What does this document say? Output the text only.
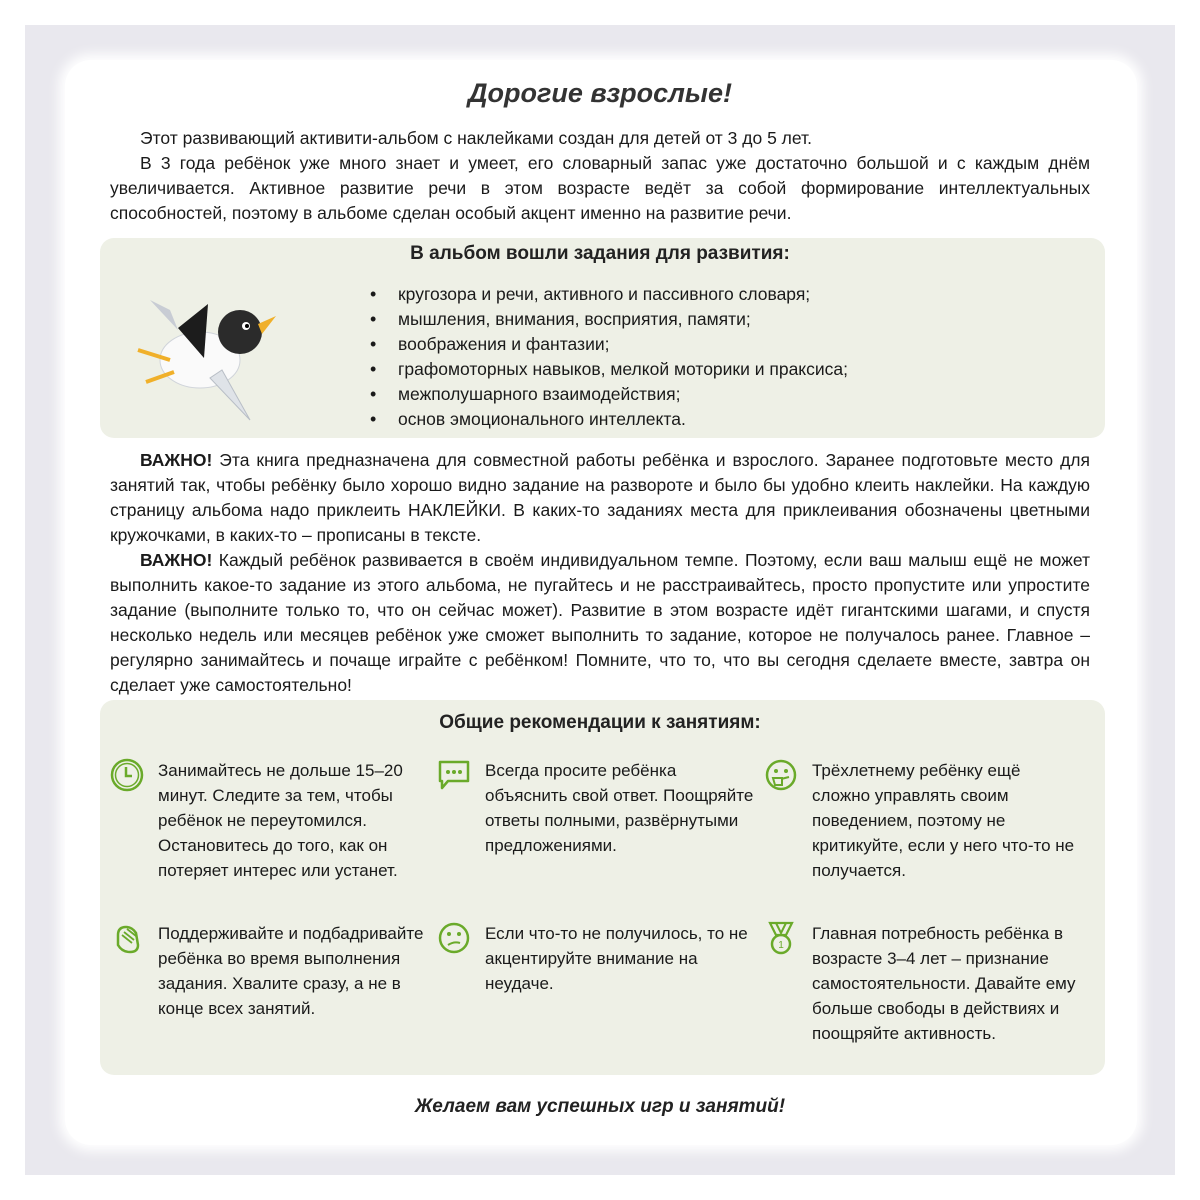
Дорогие взрослые!

Этот развивающий активити-альбом с наклейками создан для детей от 3 до 5 лет.

В 3 года ребёнок уже много знает и умеет, его словарный запас уже достаточно большой и с каждым днём увеличивается. Активное развитие речи в этом возрасте ведёт за собой формирование интеллектуальных способностей, поэтому в альбоме сделан особый акцент именно на развитие речи.

В альбом вошли задания для развития:
• кругозора и речи, активного и пассивного словаря;
• мышления, внимания, восприятия, памяти;
• воображения и фантазии;
• графомоторных навыков, мелкой моторики и праксиса;
• межполушарного взаимодействия;
• основ эмоционального интеллекта.

ВАЖНО! Эта книга предназначена для совместной работы ребёнка и взрослого. Заранее подготовьте место для занятий так, чтобы ребёнку было хорошо видно задание на развороте и было бы удобно клеить наклейки. На каждую страницу альбома надо приклеить НАКЛЕЙКИ. В каких-то заданиях места для приклеивания обозначены цветными кружочками, в каких-то – прописаны в тексте.

ВАЖНО! Каждый ребёнок развивается в своём индивидуальном темпе. Поэтому, если ваш малыш ещё не может выполнить какое-то задание из этого альбома, не пугайтесь и не расстраивайтесь, просто пропустите или упростите задание (выполните только то, что он сейчас может). Развитие в этом возрасте идёт гигантскими шагами, и спустя несколько недель или месяцев ребёнок уже сможет выполнить то задание, которое не получалось ранее. Главное – регулярно занимайтесь и почаще играйте с ребёнком! Помните, что то, что вы сегодня сделаете вместе, завтра он сделает уже самостоятельно!

Общие рекомендации к занятиям:
Занимайтесь не дольше 15–20 минут. Следите за тем, чтобы ребёнок не переутомился. Остановитесь до того, как он потеряет интерес или устанет.
Всегда просите ребёнка объяснить свой ответ. Поощряйте ответы полными, развёрнутыми предложениями.
Трёхлетнему ребёнку ещё сложно управлять своим поведением, поэтому не критикуйте, если у него что-то не получается.
Поддерживайте и подбадривайте ребёнка во время выполнения задания. Хвалите сразу, а не в конце всех занятий.
Если что-то не получилось, то не акцентируйте внимание на неудаче.
1
Главная потребность ребёнка в возрасте 3–4 лет – признание самостоятельности. Давайте ему больше свободы в действиях и поощряйте активность.
Желаем вам успешных игр и занятий!
